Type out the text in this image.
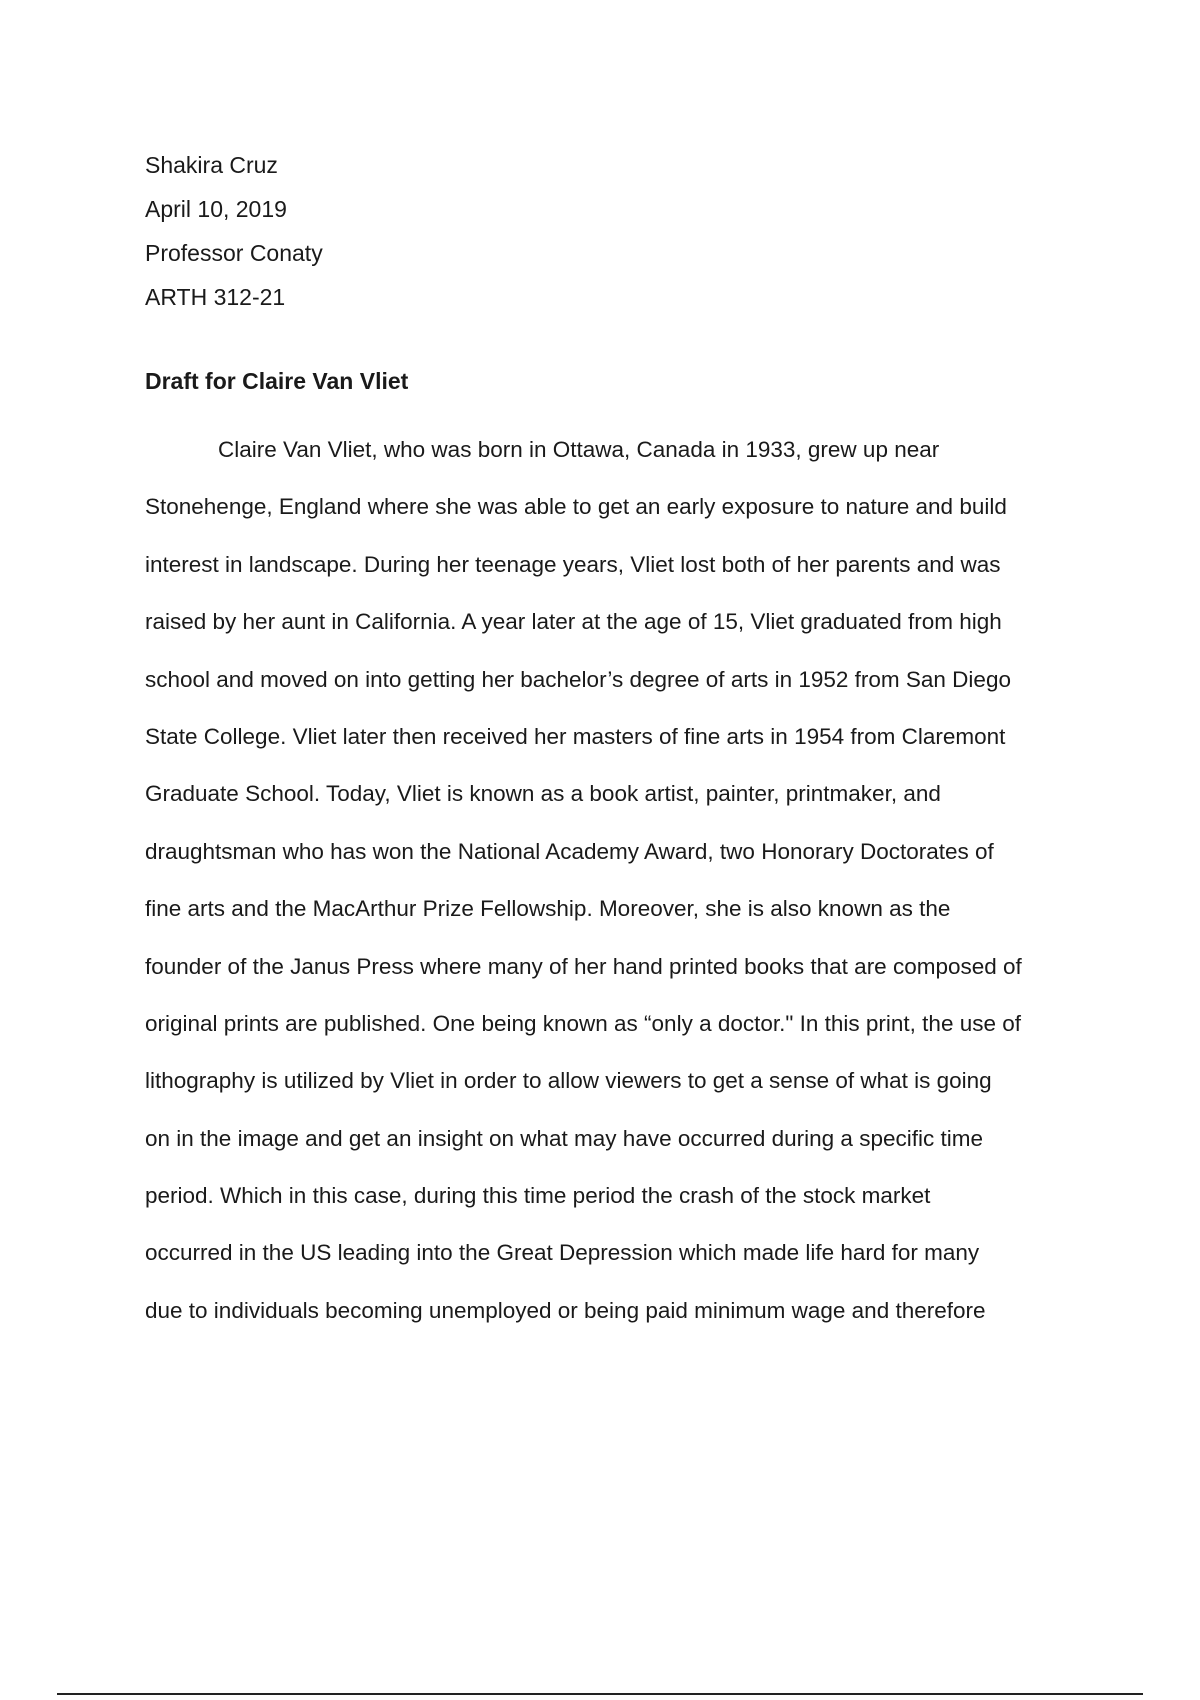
Shakira Cruz
April 10, 2019
Professor Conaty
ARTH 312-21
Draft for Claire Van Vliet
Claire Van Vliet, who was born in Ottawa, Canada in 1933, grew up near
Stonehenge, England where she was able to get an early exposure to nature and build
interest in landscape. During her teenage years, Vliet lost both of her parents and was
raised by her aunt in California. A year later at the age of 15, Vliet graduated from high
school and moved on into getting her bachelor’s degree of arts in 1952 from San Diego
State College. Vliet later then received her masters of fine arts in 1954 from Claremont
Graduate School. Today, Vliet is known as a book artist, painter, printmaker, and
draughtsman who has won the National Academy Award, two Honorary Doctorates of
fine arts and the MacArthur Prize Fellowship. Moreover, she is also known as the
founder of the Janus Press where many of her hand printed books that are composed of
original prints are published. One being known as “only a doctor." In this print, the use of
lithography is utilized by Vliet in order to allow viewers to get a sense of what is going
on in the image and get an insight on what may have occurred during a specific time
period. Which in this case, during this time period the crash of the stock market
occurred in the US leading into the Great Depression which made life hard for many
due to individuals becoming unemployed or being paid minimum wage and therefore
